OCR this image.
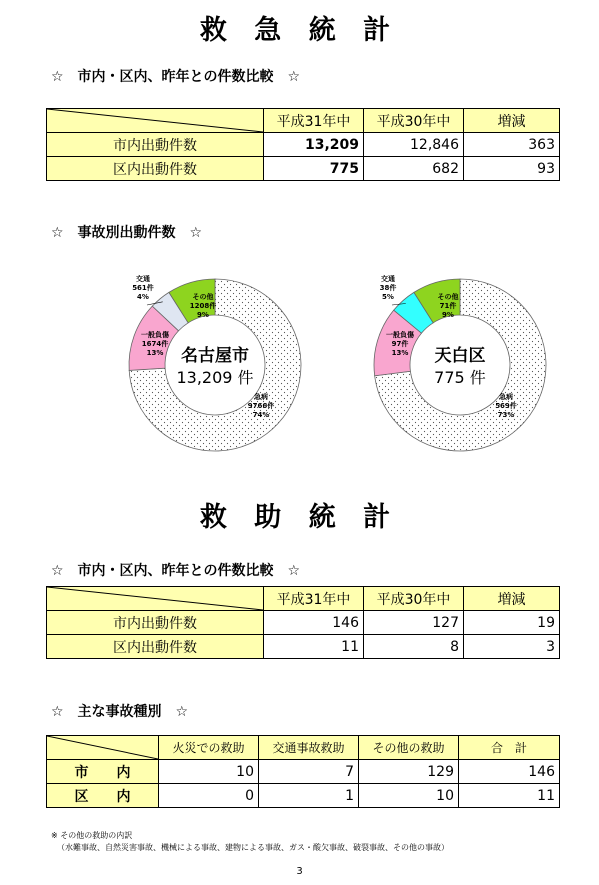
救 急 統 計
☆　市内・区内、昨年との件数比較　☆
	平成31年中	平成30年中	増減
市内出動件数	13,209	12,846	363
区内出動件数	775	682	93
☆　事故別出動件数　☆
急病 9766件 74%
一般負傷 1674件 13%
交通 561件 4%	その他 1208件 9%
名古屋市
13,209 件
急病 569件 73%
一般負傷 97件 13%
交通 38件 5%	その他 71件 9%
天白区
775 件
救 助 統 計
☆　市内・区内、昨年との件数比較　☆
	平成31年中	平成30年中	増減
市内出動件数	146	127	19
区内出動件数	11	8	3
☆　主な事故種別　☆
	火災での救助	交通事故救助	その他の救助	合　計
市　　内	10	7	129	146
区　　内	0	1	10	11
※ その他の救助の内訳
（水難事故、自然災害事故、機械による事故、建物による事故、ガス・酸欠事故、破裂事故、その他の事故）
3
